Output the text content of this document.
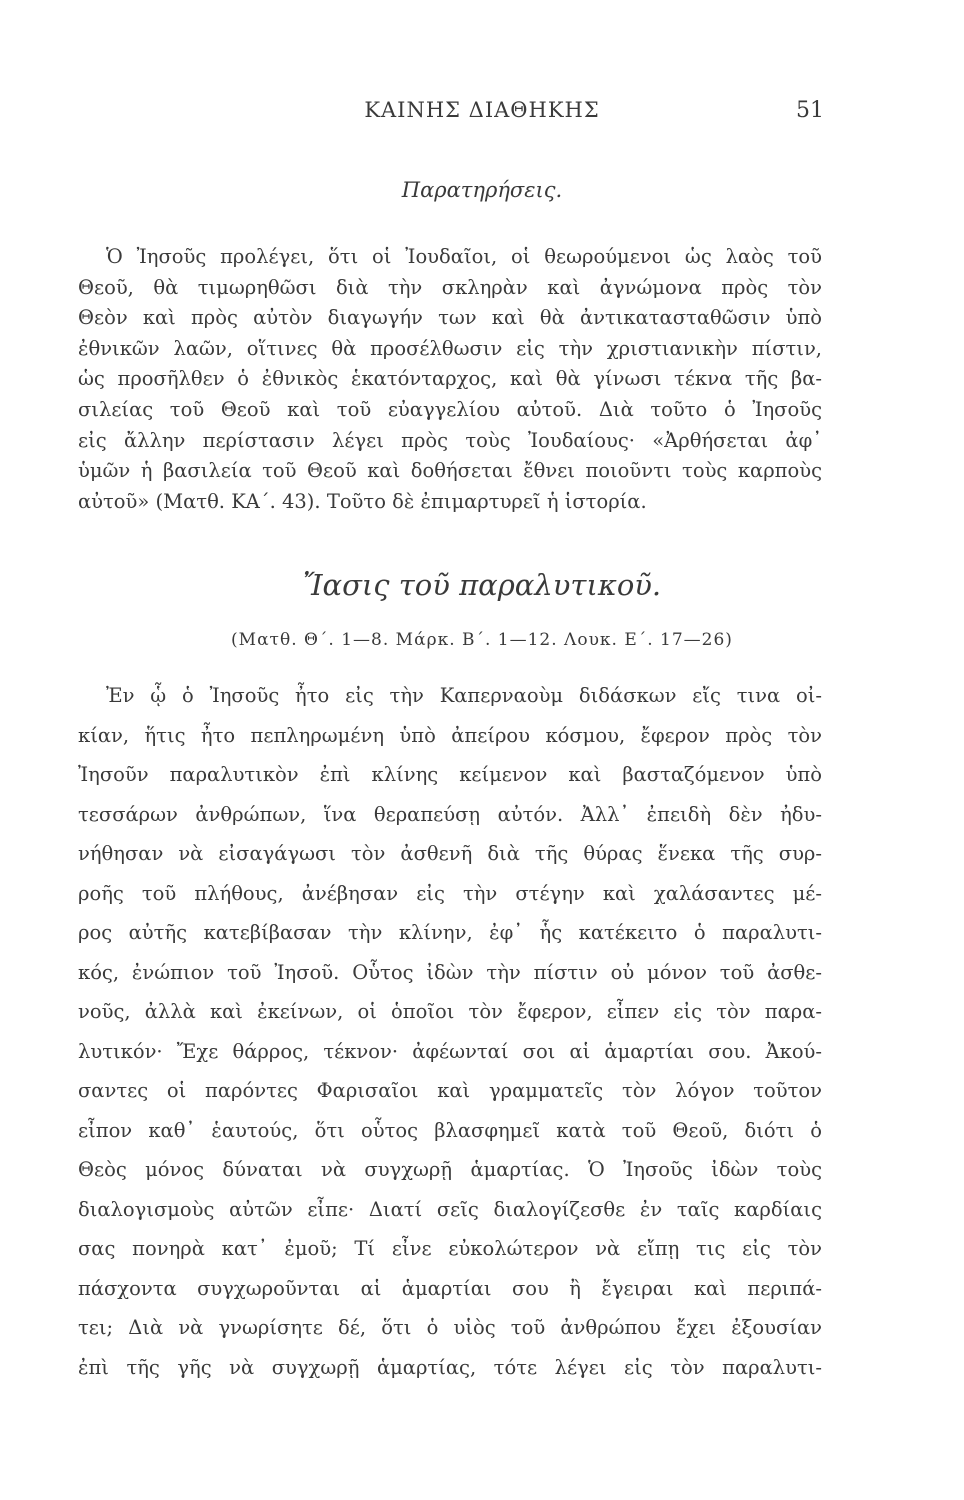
ΚΑΙΝΗΣ ΔΙΑΘΗΚΗΣ	51
Παρατηρήσεις.
Ὁ Ἰησοῦς προλέγει, ὅτι οἱ Ἰουδαῖοι, οἱ θεωρούμενοι ὡς λαὸς τοῦ
Θεοῦ, θὰ τιμωρηθῶσι διὰ τὴν σκληρὰν καὶ ἀγνώμονα πρὸς τὸν
Θεὸν καὶ πρὸς αὐτὸν διαγωγήν των καὶ θὰ ἀντικατασταθῶσιν ὑπὸ
ἐθνικῶν λαῶν, οἵτινες θὰ προσέλθωσιν εἰς τὴν χριστιανικὴν πίστιν,
ὡς προσῆλθεν ὁ ἐθνικὸς ἑκατόνταρχος, καὶ θὰ γίνωσι τέκνα τῆς βα-
σιλείας τοῦ Θεοῦ καὶ τοῦ εὐαγγελίου αὐτοῦ. Διὰ τοῦτο ὁ Ἰησοῦς
εἰς ἄλλην περίστασιν λέγει πρὸς τοὺς Ἰουδαίους· «Ἀρθήσεται ἀφ᾽
ὑμῶν ἡ βασιλεία τοῦ Θεοῦ καὶ δοθήσεται ἔθνει ποιοῦντι τοὺς καρποὺς
αὐτοῦ» (Ματθ. ΚΑ΄. 43). Τοῦτο δὲ ἐπιμαρτυρεῖ ἡ ἱστορία.
Ἴασις τοῦ παραλυτικοῦ.
(Ματθ. Θ΄. 1—8. Μάρκ. Β΄. 1—12. Λουκ. Ε΄. 17—26)
Ἐν ᾧ ὁ Ἰησοῦς ἦτο εἰς τὴν Καπερναοὺμ διδάσκων εἴς τινα οἰ-
κίαν, ἥτις ἦτο πεπληρωμένη ὑπὸ ἀπείρου κόσμου, ἔφερον πρὸς τὸν
Ἰησοῦν παραλυτικὸν ἐπὶ κλίνης κείμενον καὶ βασταζόμενον ὑπὸ
τεσσάρων ἀνθρώπων, ἵνα θεραπεύσῃ αὐτόν. Ἀλλ᾽ ἐπειδὴ δὲν ἠδυ-
νήθησαν νὰ εἰσαγάγωσι τὸν ἀσθενῆ διὰ τῆς θύρας ἕνεκα τῆς συρ-
ροῆς τοῦ πλήθους, ἀνέβησαν εἰς τὴν στέγην καὶ χαλάσαντες μέ-
ρος αὐτῆς κατεβίβασαν τὴν κλίνην, ἐφ᾽ ἧς κατέκειτο ὁ παραλυτι-
κός, ἐνώπιον τοῦ Ἰησοῦ. Οὗτος ἰδὼν τὴν πίστιν οὐ μόνον τοῦ ἀσθε-
νοῦς, ἀλλὰ καὶ ἐκείνων, οἱ ὁποῖοι τὸν ἔφερον, εἶπεν εἰς τὸν παρα-
λυτικόν· Ἔχε θάρρος, τέκνον· ἀφέωνταί σοι αἱ ἁμαρτίαι σου. Ἀκού-
σαντες οἱ παρόντες Φαρισαῖοι καὶ γραμματεῖς τὸν λόγον τοῦτον
εἶπον καθ᾽ ἑαυτούς, ὅτι οὗτος βλασφημεῖ κατὰ τοῦ Θεοῦ, διότι ὁ
Θεὸς μόνος δύναται νὰ συγχωρῇ ἁμαρτίας. Ὁ Ἰησοῦς ἰδὼν τοὺς
διαλογισμοὺς αὐτῶν εἶπε· Διατί σεῖς διαλογίζεσθε ἐν ταῖς καρδίαις
σας πονηρὰ κατ᾽ ἐμοῦ; Τί εἶνε εὐκολώτερον νὰ εἴπῃ τις εἰς τὸν
πάσχοντα συγχωροῦνται αἱ ἁμαρτίαι σου ἢ ἔγειραι καὶ περιπά-
τει; Διὰ νὰ γνωρίσητε δέ, ὅτι ὁ υἱὸς τοῦ ἀνθρώπου ἔχει ἐξουσίαν
ἐπὶ τῆς γῆς νὰ συγχωρῇ ἁμαρτίας, τότε λέγει εἰς τὸν παραλυτι-
